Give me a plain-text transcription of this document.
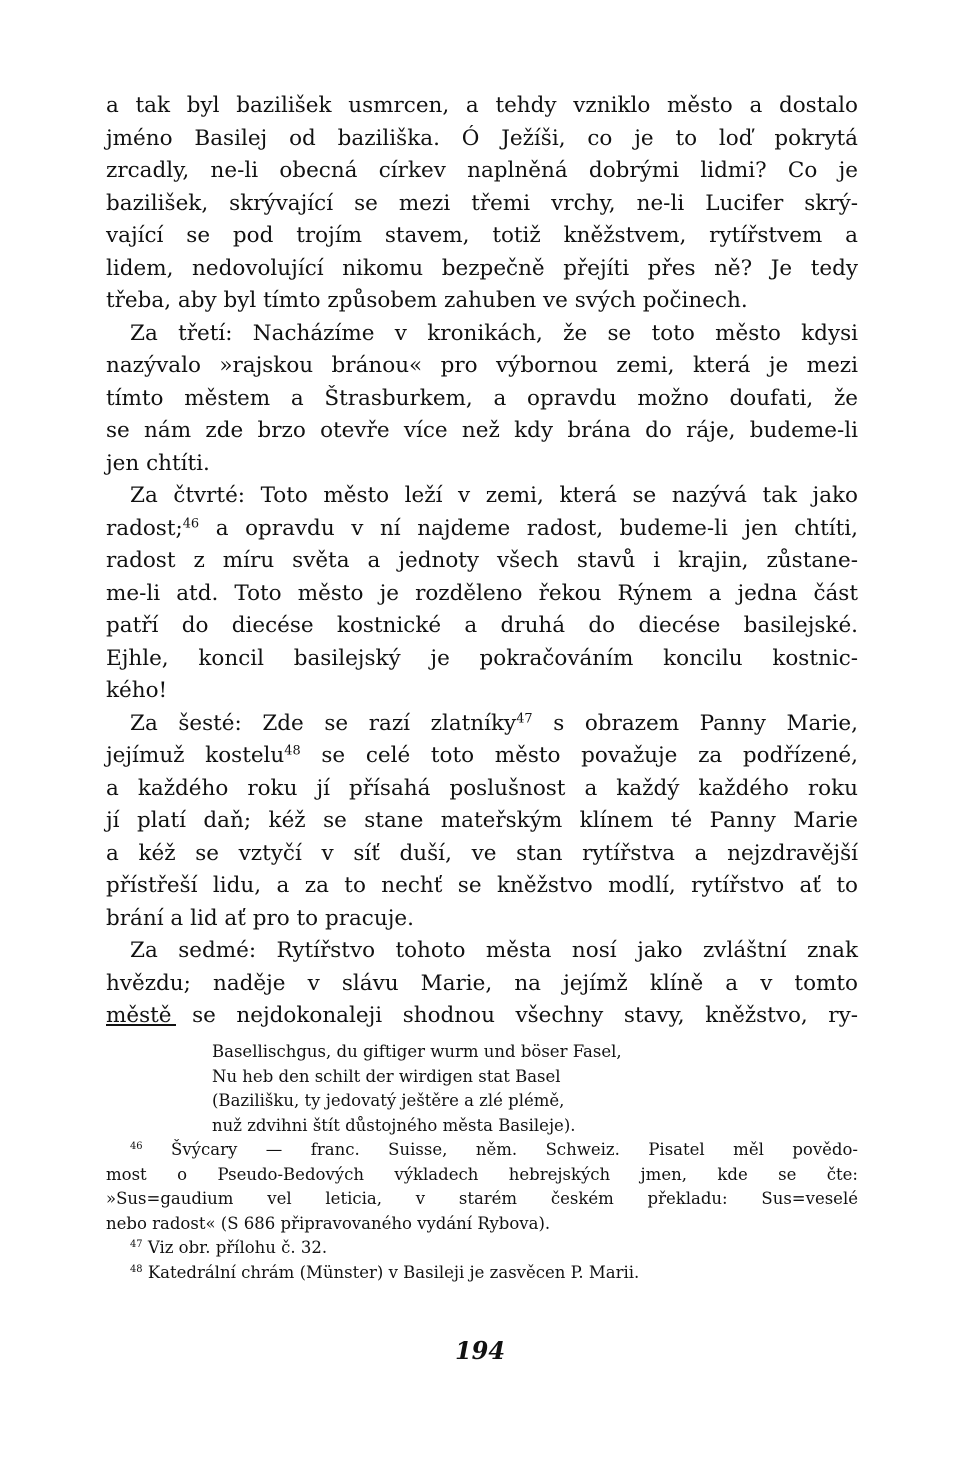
a tak byl bazilišek usmrcen, a tehdy vzniklo město a dostalo
jméno Basilej od baziliška. Ó Ježíši, co je to loď pokrytá
zrcadly, ne-li obecná církev naplněná dobrými lidmi? Co je
bazilišek, skrývající se mezi třemi vrchy, ne-li Lucifer skrý-
vající se pod trojím stavem, totiž kněžstvem, rytířstvem a
lidem, nedovolující nikomu bezpečně přejíti přes ně? Je tedy
třeba, aby byl tímto způsobem zahuben ve svých počinech.
Za třetí: Nacházíme v kronikách, že se toto město kdysi
nazývalo »rajskou bránou« pro výbornou zemi, která je mezi
tímto městem a Štrasburkem, a opravdu možno doufati, že
se nám zde brzo otevře více než kdy brána do ráje, budeme-li
jen chtíti.
Za čtvrté: Toto město leží v zemi, která se nazývá tak jako
radost;$^{46}$ a opravdu v ní najdeme radost, budeme-li jen chtíti,
radost z míru světa a jednoty všech stavů i krajin, zůstane-
me-li atd. Toto město je rozděleno řekou Rýnem a jedna část
patří do diecése kostnické a druhá do diecése basilejské.
Ejhle, koncil basilejský je pokračováním koncilu kostnic-
kého!
Za šesté: Zde se razí zlatníky$^{47}$ s obrazem Panny Marie,
jejímuž kostelu$^{48}$ se celé toto město považuje za podřízené,
a každého roku jí přísahá poslušnost a každý každého roku
jí platí daň; kéž se stane mateřským klínem té Panny Marie
a kéž se vztyčí v síť duší, ve stan rytířstva a nejzdravější
přístřeší lidu, a za to nechť se kněžstvo modlí, rytířstvo ať to
brání a lid ať pro to pracuje.
Za sedmé: Rytířstvo tohoto města nosí jako zvláštní znak
hvězdu; naděje v slávu Marie, na jejímž klíně a v tomto
městě se nejdokonaleji shodnou všechny stavy, kněžstvo, ry-
Basellischgus, du giftiger wurm und böser Fasel,
Nu heb den schilt der wirdigen stat Basel
(Bazilišku, ty jedovatý ještěre a zlé plémě,
nuž zdvihni štít důstojného města Basileje).
$^{46}$ Švýcary — franc. Suisse, něm. Schweiz. Pisatel měl povědo-
most o Pseudo-Bedových výkladech hebrejských jmen, kde se čte:
»Sus=gaudium vel leticia, v starém českém překladu: Sus=veselé
nebo radost« (S 686 připravovaného vydání Rybova).
$^{47}$ Viz obr. přílohu č. 32.
$^{48}$ Katedrální chrám (Münster) v Basileji je zasvěcen P. Marii.
194
